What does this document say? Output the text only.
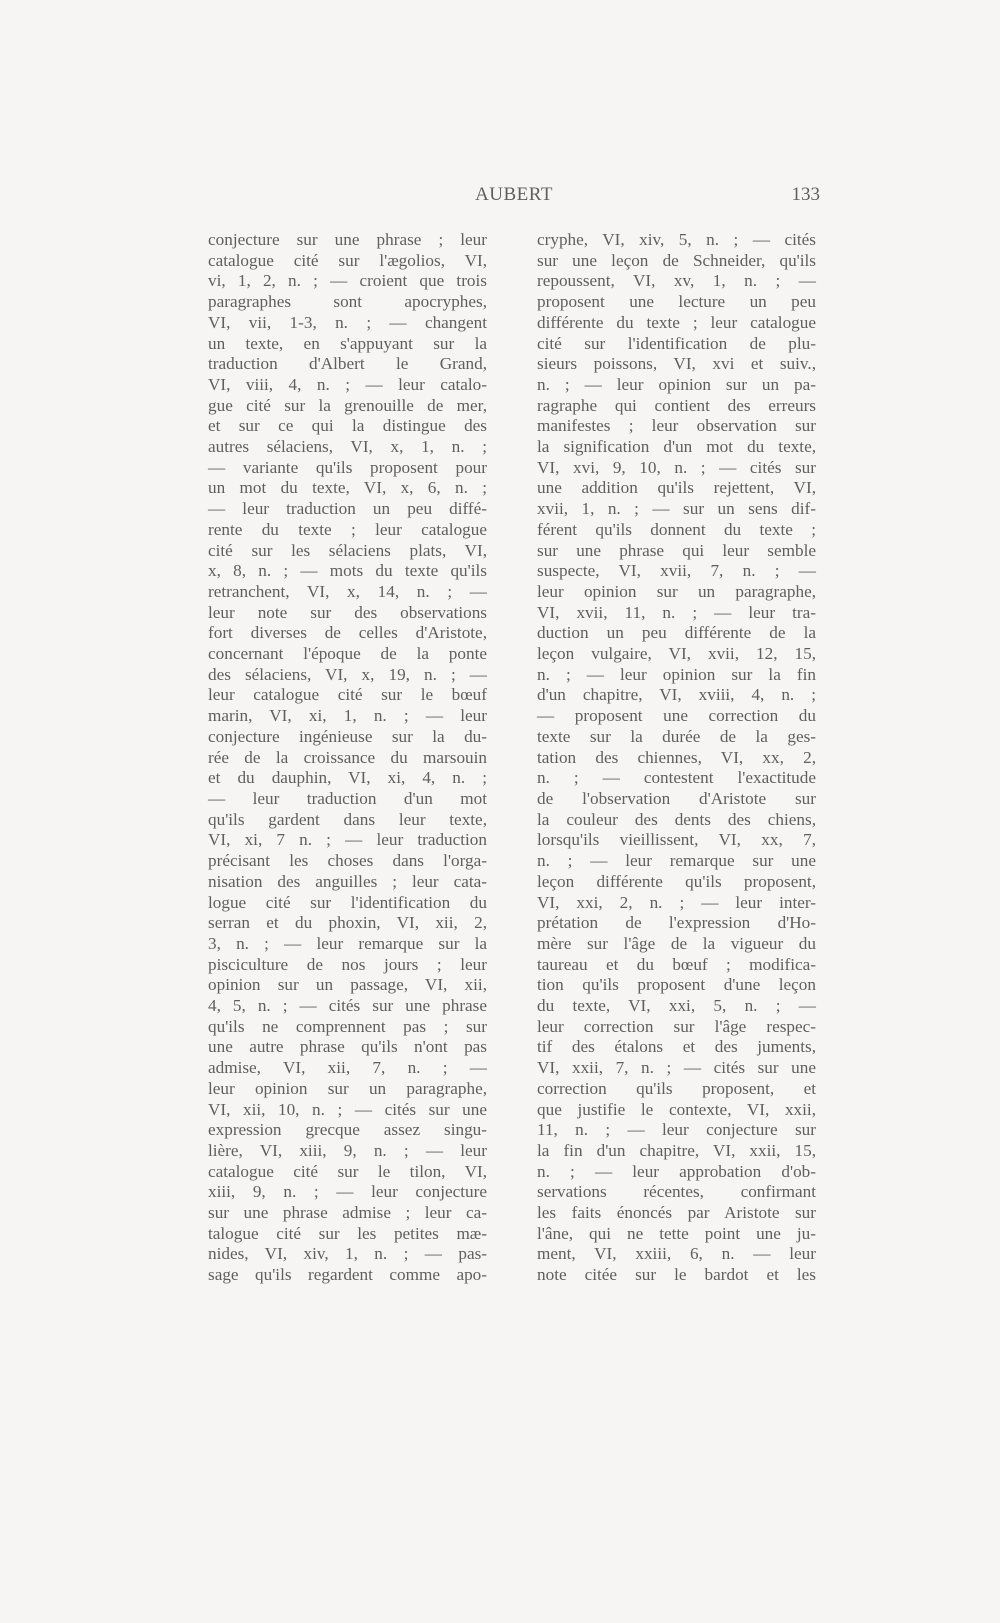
AUBERT	133
conjecture sur une phrase ; leur
catalogue cité sur l'ægolios, VI,
vi, 1, 2, n. ; — croient que trois
paragraphes sont apocryphes,
VI, vii, 1-3, n. ; — changent
un texte, en s'appuyant sur la
traduction d'Albert le Grand,
VI, viii, 4, n. ; — leur catalo-
gue cité sur la grenouille de mer,
et sur ce qui la distingue des
autres sélaciens, VI, x, 1, n. ;
— variante qu'ils proposent pour
un mot du texte, VI, x, 6, n. ;
— leur traduction un peu diffé-
rente du texte ; leur catalogue
cité sur les sélaciens plats, VI,
x, 8, n. ; — mots du texte qu'ils
retranchent, VI, x, 14, n. ; —
leur note sur des observations
fort diverses de celles d'Aristote,
concernant l'époque de la ponte
des sélaciens, VI, x, 19, n. ; —
leur catalogue cité sur le bœuf
marin, VI, xi, 1, n. ; — leur
conjecture ingénieuse sur la du-
rée de la croissance du marsouin
et du dauphin, VI, xi, 4, n. ;
— leur traduction d'un mot
qu'ils gardent dans leur texte,
VI, xi, 7 n. ; — leur traduction
précisant les choses dans l'orga-
nisation des anguilles ; leur cata-
logue cité sur l'identification du
serran et du phoxin, VI, xii, 2,
3, n. ; — leur remarque sur la
pisciculture de nos jours ; leur
opinion sur un passage, VI, xii,
4, 5, n. ; — cités sur une phrase
qu'ils ne comprennent pas ; sur
une autre phrase qu'ils n'ont pas
admise, VI, xii, 7, n. ; —
leur opinion sur un paragraphe,
VI, xii, 10, n. ; — cités sur une
expression grecque assez singu-
lière, VI, xiii, 9, n. ; — leur
catalogue cité sur le tilon, VI,
xiii, 9, n. ; — leur conjecture
sur une phrase admise ; leur ca-
talogue cité sur les petites mæ-
nides, VI, xiv, 1, n. ; — pas-
sage qu'ils regardent comme apo-
cryphe, VI, xiv, 5, n. ; — cités
sur une leçon de Schneider, qu'ils
repoussent, VI, xv, 1, n. ; —
proposent une lecture un peu
différente du texte ; leur catalogue
cité sur l'identification de plu-
sieurs poissons, VI, xvi et suiv.,
n. ; — leur opinion sur un pa-
ragraphe qui contient des erreurs
manifestes ; leur observation sur
la signification d'un mot du texte,
VI, xvi, 9, 10, n. ; — cités sur
une addition qu'ils rejettent, VI,
xvii, 1, n. ; — sur un sens dif-
férent qu'ils donnent du texte ;
sur une phrase qui leur semble
suspecte, VI, xvii, 7, n. ; —
leur opinion sur un paragraphe,
VI, xvii, 11, n. ; — leur tra-
duction un peu différente de la
leçon vulgaire, VI, xvii, 12, 15,
n. ; — leur opinion sur la fin
d'un chapitre, VI, xviii, 4, n. ;
— proposent une correction du
texte sur la durée de la ges-
tation des chiennes, VI, xx, 2,
n. ; — contestent l'exactitude
de l'observation d'Aristote sur
la couleur des dents des chiens,
lorsqu'ils vieillissent, VI, xx, 7,
n. ; — leur remarque sur une
leçon différente qu'ils proposent,
VI, xxi, 2, n. ; — leur inter-
prétation de l'expression d'Ho-
mère sur l'âge de la vigueur du
taureau et du bœuf ; modifica-
tion qu'ils proposent d'une leçon
du texte, VI, xxi, 5, n. ; —
leur correction sur l'âge respec-
tif des étalons et des juments,
VI, xxii, 7, n. ; — cités sur une
correction qu'ils proposent, et
que justifie le contexte, VI, xxii,
11, n. ; — leur conjecture sur
la fin d'un chapitre, VI, xxii, 15,
n. ; — leur approbation d'ob-
servations récentes, confirmant
les faits énoncés par Aristote sur
l'âne, qui ne tette point une ju-
ment, VI, xxiii, 6, n. — leur
note citée sur le bardot et les
